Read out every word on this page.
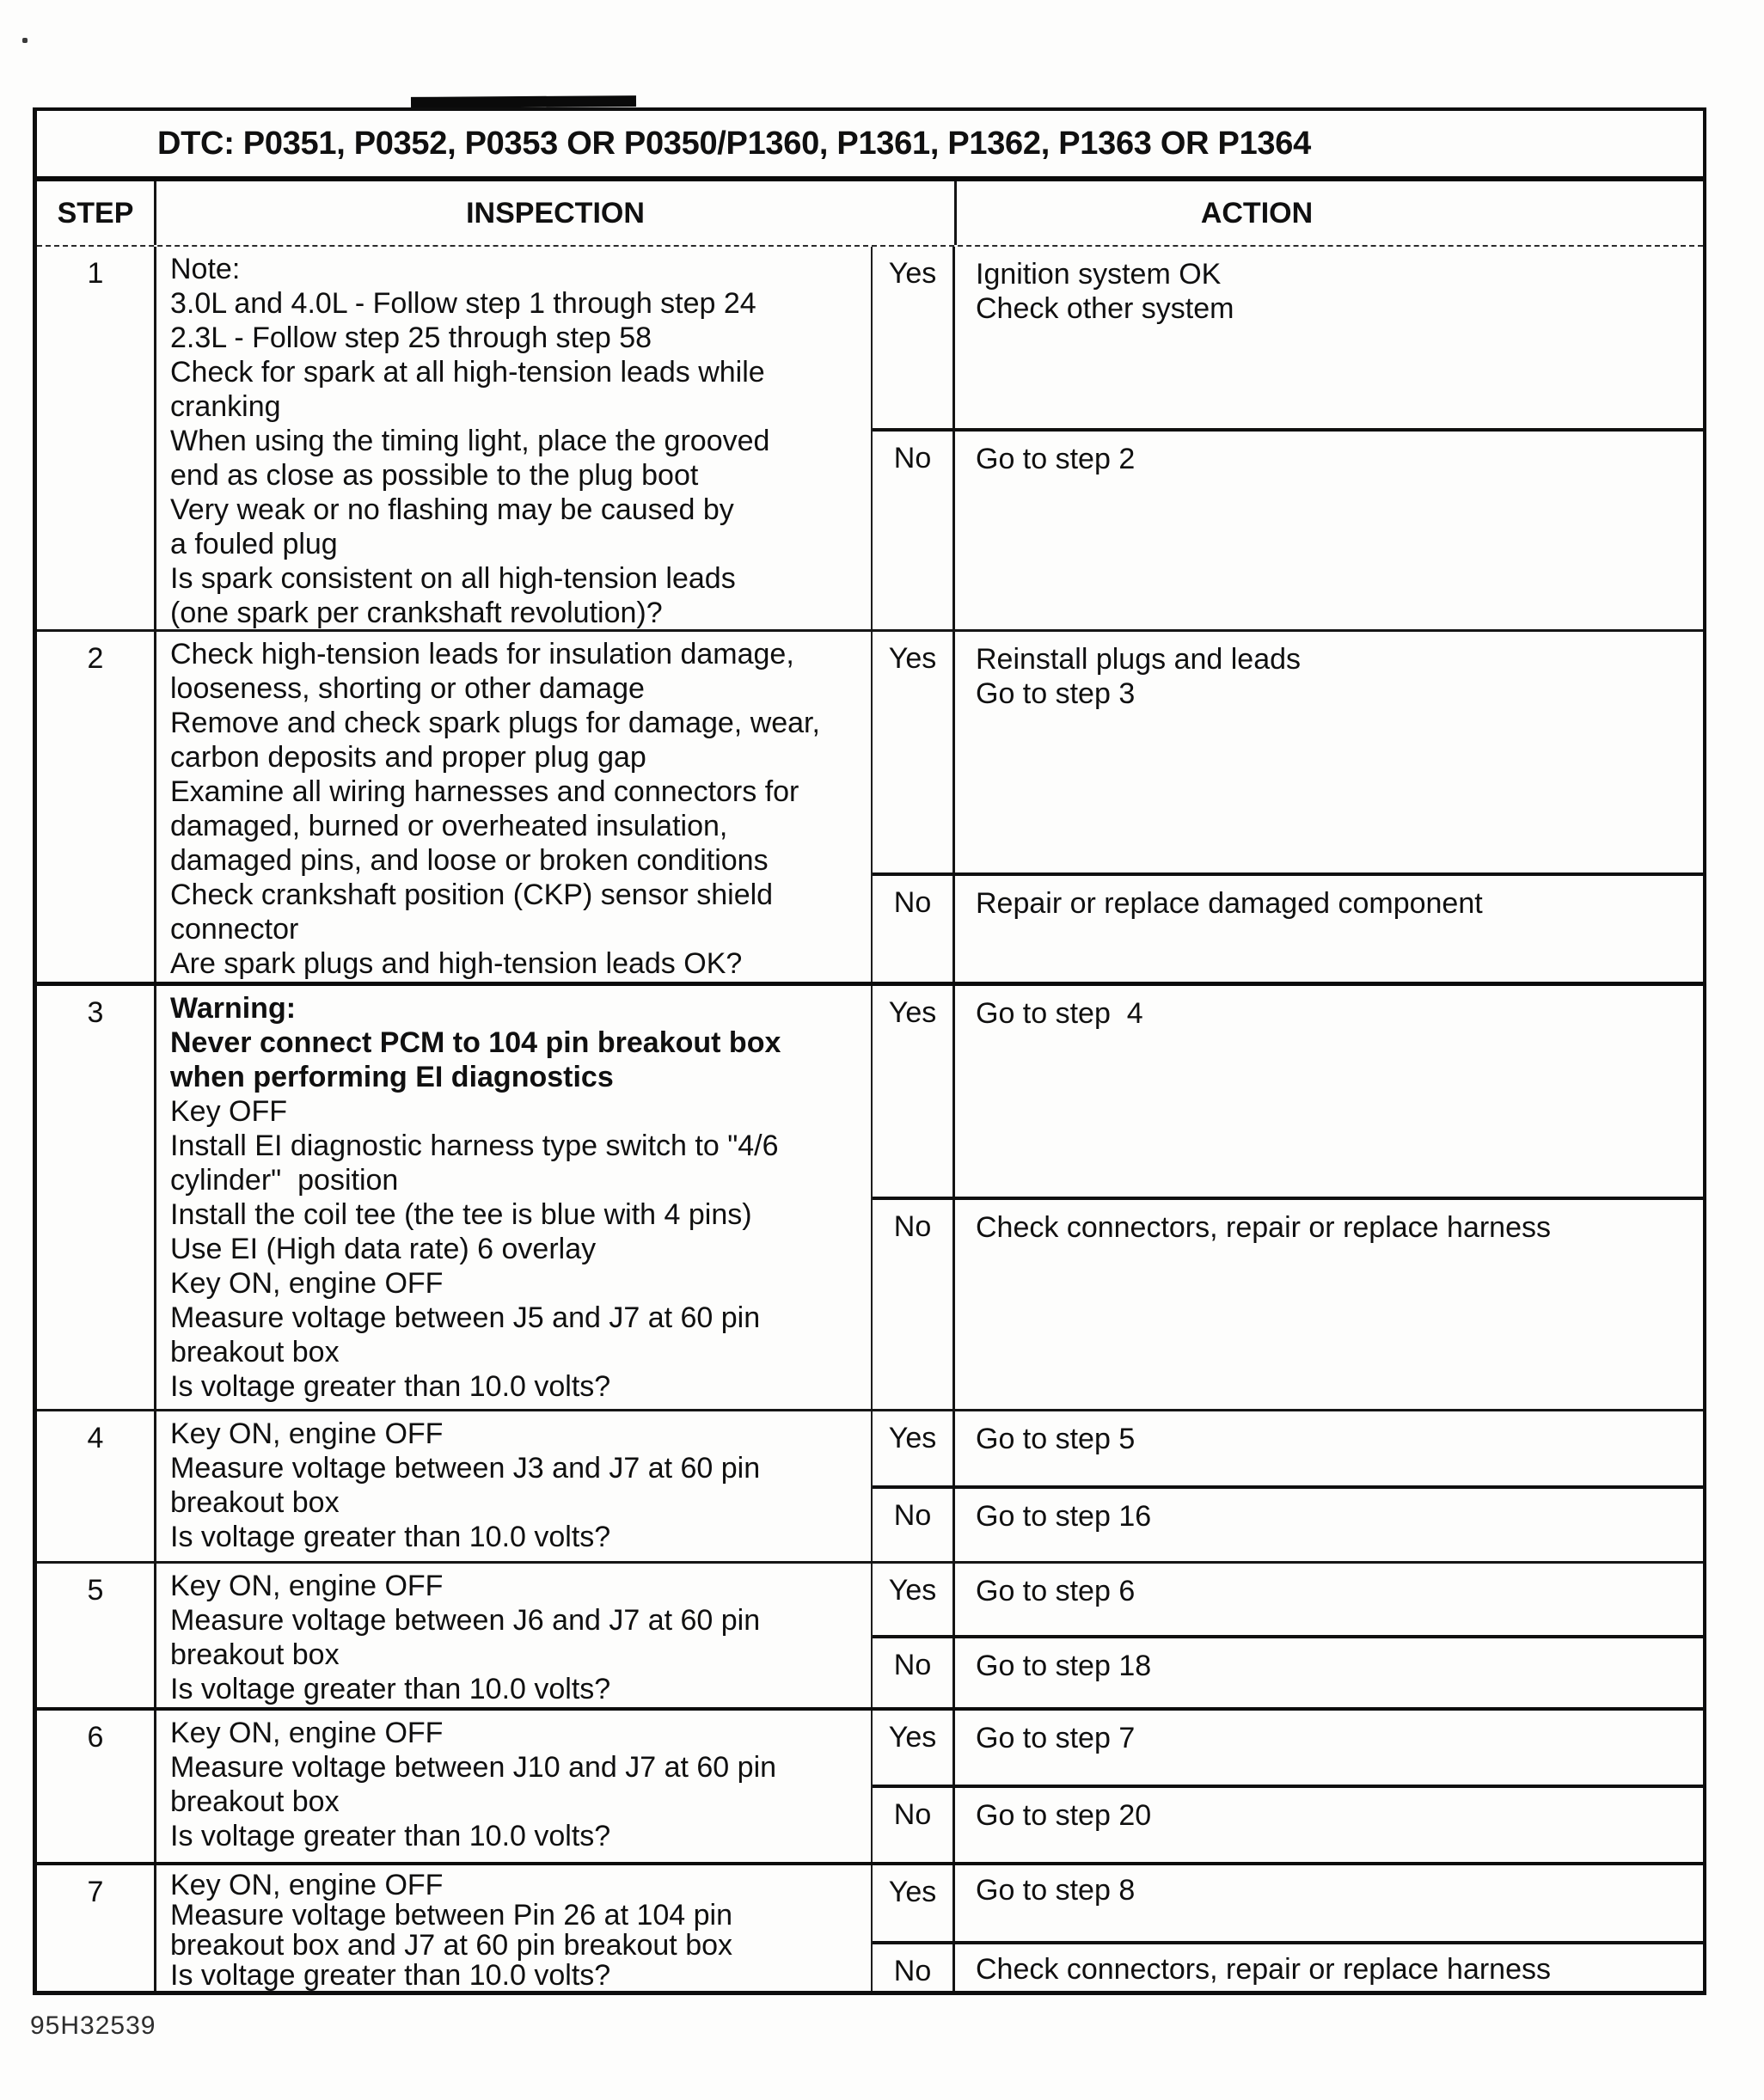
DTC: P0351, P0352, P0353 OR P0350/P1360, P1361, P1362, P1363 OR P1364
STEP	INSPECTION	ACTION
1	Note:
3.0L and 4.0L - Follow step 1 through step 24
2.3L - Follow step 25 through step 58
Check for spark at all high-tension leads while
cranking
When using the timing light, place the grooved
end as close as possible to the plug boot
Very weak or no flashing may be caused by
a fouled plug
Is spark consistent on all high-tension leads
(one spark per crankshaft revolution)?
Yes	Ignition system OK
Check other system
No	Go to step 2
2	Check high-tension leads for insulation damage,
looseness, shorting or other damage
Remove and check spark plugs for damage, wear,
carbon deposits and proper plug gap
Examine all wiring harnesses and connectors for
damaged, burned or overheated insulation,
damaged pins, and loose or broken conditions
Check crankshaft position (CKP) sensor shield
connector
Are spark plugs and high-tension leads OK?
Yes	Reinstall plugs and leads
Go to step 3
No	Repair or replace damaged component
3	Warning:
Never connect PCM to 104 pin breakout box
when performing EI diagnostics
Key OFF
Install EI diagnostic harness type switch to "4/6
cylinder"  position
Install the coil tee (the tee is blue with 4 pins)
Use EI (High data rate) 6 overlay
Key ON, engine OFF
Measure voltage between J5 and J7 at 60 pin
breakout box
Is voltage greater than 10.0 volts?
Yes	Go to step  4
No	Check connectors, repair or replace harness
4	Key ON, engine OFF
Measure voltage between J3 and J7 at 60 pin
breakout box
Is voltage greater than 10.0 volts?
Yes	Go to step 5
No	Go to step 16
5	Key ON, engine OFF
Measure voltage between J6 and J7 at 60 pin
breakout box
Is voltage greater than 10.0 volts?
Yes	Go to step 6
No	Go to step 18
6	Key ON, engine OFF
Measure voltage between J10 and J7 at 60 pin
breakout box
Is voltage greater than 10.0 volts?
Yes	Go to step 7
No	Go to step 20
7	Key ON, engine OFF
Measure voltage between Pin 26 at 104 pin
breakout box and J7 at 60 pin breakout box
Is voltage greater than 10.0 volts?
Yes	Go to step 8
No	Check connectors, repair or replace harness
95H32539
